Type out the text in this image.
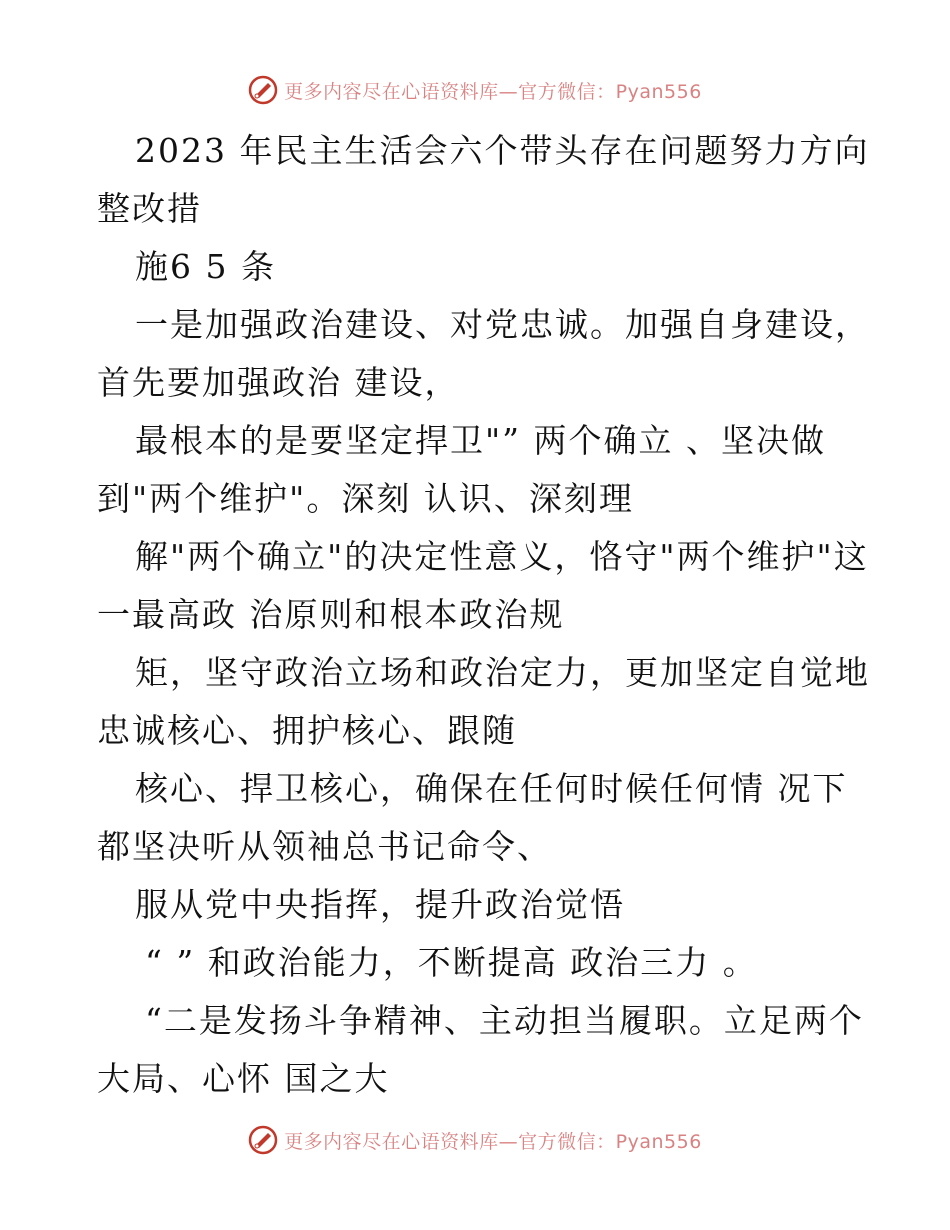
更多内容尽在心语资料库—官方微信：Pyan556

2023 年民主生活会六个带头存在问题努力方向

整改措

施6 5 条

一是加强政治建设、对党忠诚。加强自身建设，

首先要加强政治 建设，

最根本的是要坚定捍卫"” 两个确立 、坚决做

到"两个维护"。深刻 认识、深刻理

解"两个确立"的决定性意义，恪守"两个维护"这

一最高政 治原则和根本政治规

矩，坚守政治立场和政治定力，更加坚定自觉地

忠诚核心、拥护核心、跟随

核心、捍卫核心，确保在任何时候任何情 况下

都坚决听从领袖总书记命令、

服从党中央指挥，提升政治觉悟

“ ” 和政治能力，不断提高 政治三力 。

“二是发扬斗争精神、主动担当履职。立足两个

大局、心怀 国之大

更多内容尽在心语资料库—官方微信：Pyan556
